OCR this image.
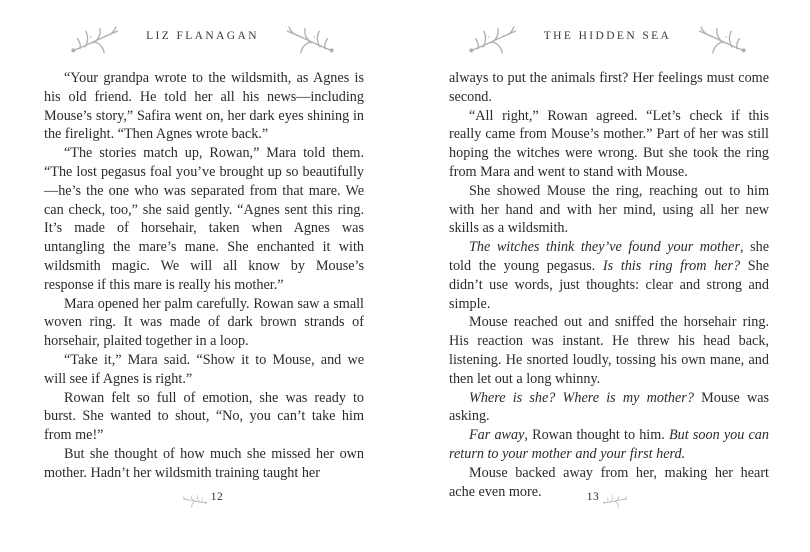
LIZ FLANAGAN

“Your grandpa wrote to the wildsmith, as Agnes is his old friend. He told her all his news—including Mouse’s story,” Safira went on, her dark eyes shining in the firelight. “Then Agnes wrote back.”

“The stories match up, Rowan,” Mara told them. “The lost pegasus foal you’ve brought up so beautifully—he’s the one who was separated from that mare. We can check, too,” she said gently. “Agnes sent this ring. It’s made of horsehair, taken when Agnes was untangling the mare’s mane. She enchanted it with wildsmith magic. We will all know by Mouse’s response if this mare is really his mother.”

Mara opened her palm carefully. Rowan saw a small woven ring. It was made of dark brown strands of horsehair, plaited together in a loop.

“Take it,” Mara said. “Show it to Mouse, and we will see if Agnes is right.”

Rowan felt so full of emotion, she was ready to burst. She wanted to shout, “No, you can’t take him from me!”

But she thought of how much she missed her own mother. Hadn’t her wildsmith training taught her

12
THE HIDDEN SEA

always to put the animals first? Her feelings must come second.

“All right,” Rowan agreed. “Let’s check if this really came from Mouse’s mother.” Part of her was still hoping the witches were wrong. But she took the ring from Mara and went to stand with Mouse.

She showed Mouse the ring, reaching out to him with her hand and with her mind, using all her new skills as a wildsmith.

The witches think they’ve found your mother, she told the young pegasus. Is this ring from her? She didn’t use words, just thoughts: clear and strong and simple.

Mouse reached out and sniffed the horsehair ring. His reaction was instant. He threw his head back, listening. He snorted loudly, tossing his own mane, and then let out a long whinny.

Where is she? Where is my mother? Mouse was asking.

Far away, Rowan thought to him. But soon you can return to your mother and your first herd.

Mouse backed away from her, making her heart ache even more.	13
